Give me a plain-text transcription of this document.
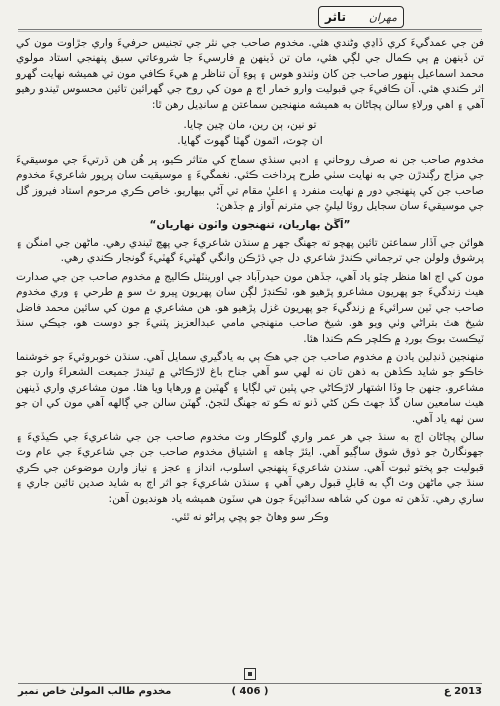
تاثر مهران

فن جي عمدگيءَ کري ڏاڍي وڻندي هئي. مخدوم صاحب جي نثر جي تجنيس حرفيءَ واري جڙاوت مون کي تن ڏينهن ۾ ٻي ڪمال جي لڳي هئي، مان تن ڏينهن ۾ فارسيءَ جا شروعاتي سبق پنهنجي استاد مولوي محمد اسماعيل ٻنهور صاحب جن کان وٺندو هوس ۽ پوءِ آن تناظر ۾ هيءَ ڪافي مون تي هميشه نهايت گهرو اثر ڪندي هئي. آن ڪافيءَ جي قبوليت وارو خمار اڄ ۾ مون کي روح جي گهرائين تائين محسوس ٿيندو رهيو آهي ۽ اهي ورلاءِ سالن پڄاڻان به هميشه منهنجين سماعتن ۾ سانڍيل رهن ٿا:

تو نين، ٻن رين، مان چين چايا.
ان چوٽ، اٿمون گهٽا گهوٽ گهايا.

مخدوم صاحب جن نه صرف روحاني ۽ ادبي سنڌي سماج کي متاثر ڪيو، پر هُن هن ڌرتيءَ جي موسيقيءَ جي مزاج رڳندڙن جي به نهايت سٺي طرح پرداخت ڪئي. نغمگيءَ ۽ موسيقيت سان پرپور شاعريءَ مخدوم صاحب جن کي پنهنجي دور ۾ نهايت منفرد ۽ اعليٰ مقام تي آڻي بيهاريو. خاص ڪري مرحوم استاد فيروز گل جي موسيقيءَ سان سجايل روئا ليلئِ جي مترنم آواز ۾ جڏهن:

”اَڱڻ بهاريان، تنهنجون واٽون نهاريان“

هوائن جي آڏار سماعتن تائين پهچو ته جهنگ جهر ۾ سنڌن شاعريءَ جي پهچ ٿيندي رهي. ماڻهن جي امنگن ۽ پرشوق ولولن جي ترجماني ڪندڙ شاعري دل جي ڌڙڪن وانگي گهٽيءَ گهٽيءَ گونجار ڪندي رهي.

مون کي اڄ اها منظر چٽو ياد آهي، جڏهن مون حيدرآباد جي اورينٽل ڪاليج ۾ مخدوم صاحب جن جي صدارت هيٺ زندگيءَ جو پهريون مشاعرو پڙهيو هو، ٽڪنڊڙ لڳن سان پهريون ڀيرو ٿ سو ۾ طرحي ۽ وري مخدوم صاحب جي ٽين سرائيءَ ۾ زندگيءَ جو پهريون غزل پڙهيو هو. هن مشاعري ۾ مون کي سائين محمد فاضل شيخ هٿ بتراڻي وٺي ويو هو. شيخ صاحب منهنجي مامي عبدالعزيز پٽنيءَ جو دوست هو، جيڪي سنڌ ٽيڪسٽ بوڪ بورڊ ۾ ڪلچر ڪم ڪندا هئا.

منهنجين ڏنڊلين يادن ۾ مخدوم صاحب جن جي هڪ ٻي به يادگيري سمايل آهي. سنڌن خوبروئيءَ جو خوشنما خاڪو جو شايد ڪڏهن به ذهن تان نه لهي سو آهي جناح باغ لاڙڪاڻي ۾ ٿيندڙ جميعت الشعراءَ وارن جو مشاعرو. جنهن جا وڏا اشتهار لاڙڪاڻي جي پٽين تي لڳايا ۽ گهٽين ۾ ورهايا ويا هئا. مون مشاعري واري ڏينهن هيٺ سامعين سان گڏ جهٽ ڪن کڻي ڏنو ته ڪو ته جهنگ لٽجڻ. گهٽن سالن جي ڳالهه آهي مون کي ان جو سن ٺهه ياد آهي.

سالن پڄاڻان اڄ به سنڌ جي هر عمر واري گلوڪار وٽ مخدوم صاحب جن جي شاعريءَ جي ڪيڏيءَ ۽ جهونگارڻ جو ذوق شوق ساڳيو آهي. ايئڙ چاهه ۽ اشتياق مخدوم صاحب جن جي شاعريءَ جي عام وٽ قبوليت جو پختو ثبوت آهي. سندن شاعريءَ پنهنجي اسلوب، انداز ۽ عجز ۽ نياز وارن موضوعن جي ڪري سنڌ جي ماڻهن وٽ اڳ به قابلِ قبول رهي آهي ۽ سنڌن شاعريءَ جو اثر اڄ به شايد صدين تائين جاري ۽ ساري رهي. تڏهن ته مون کي شاهه سدائينءَ جون هي سٽون هميشه ياد هونديون آهن:

وڪر سو وهاڻ جو پڇي پراڻو نه ٿئي.
مخدوم طالب المولىٰ خاص نمبر	( 406 )	2013 ع
